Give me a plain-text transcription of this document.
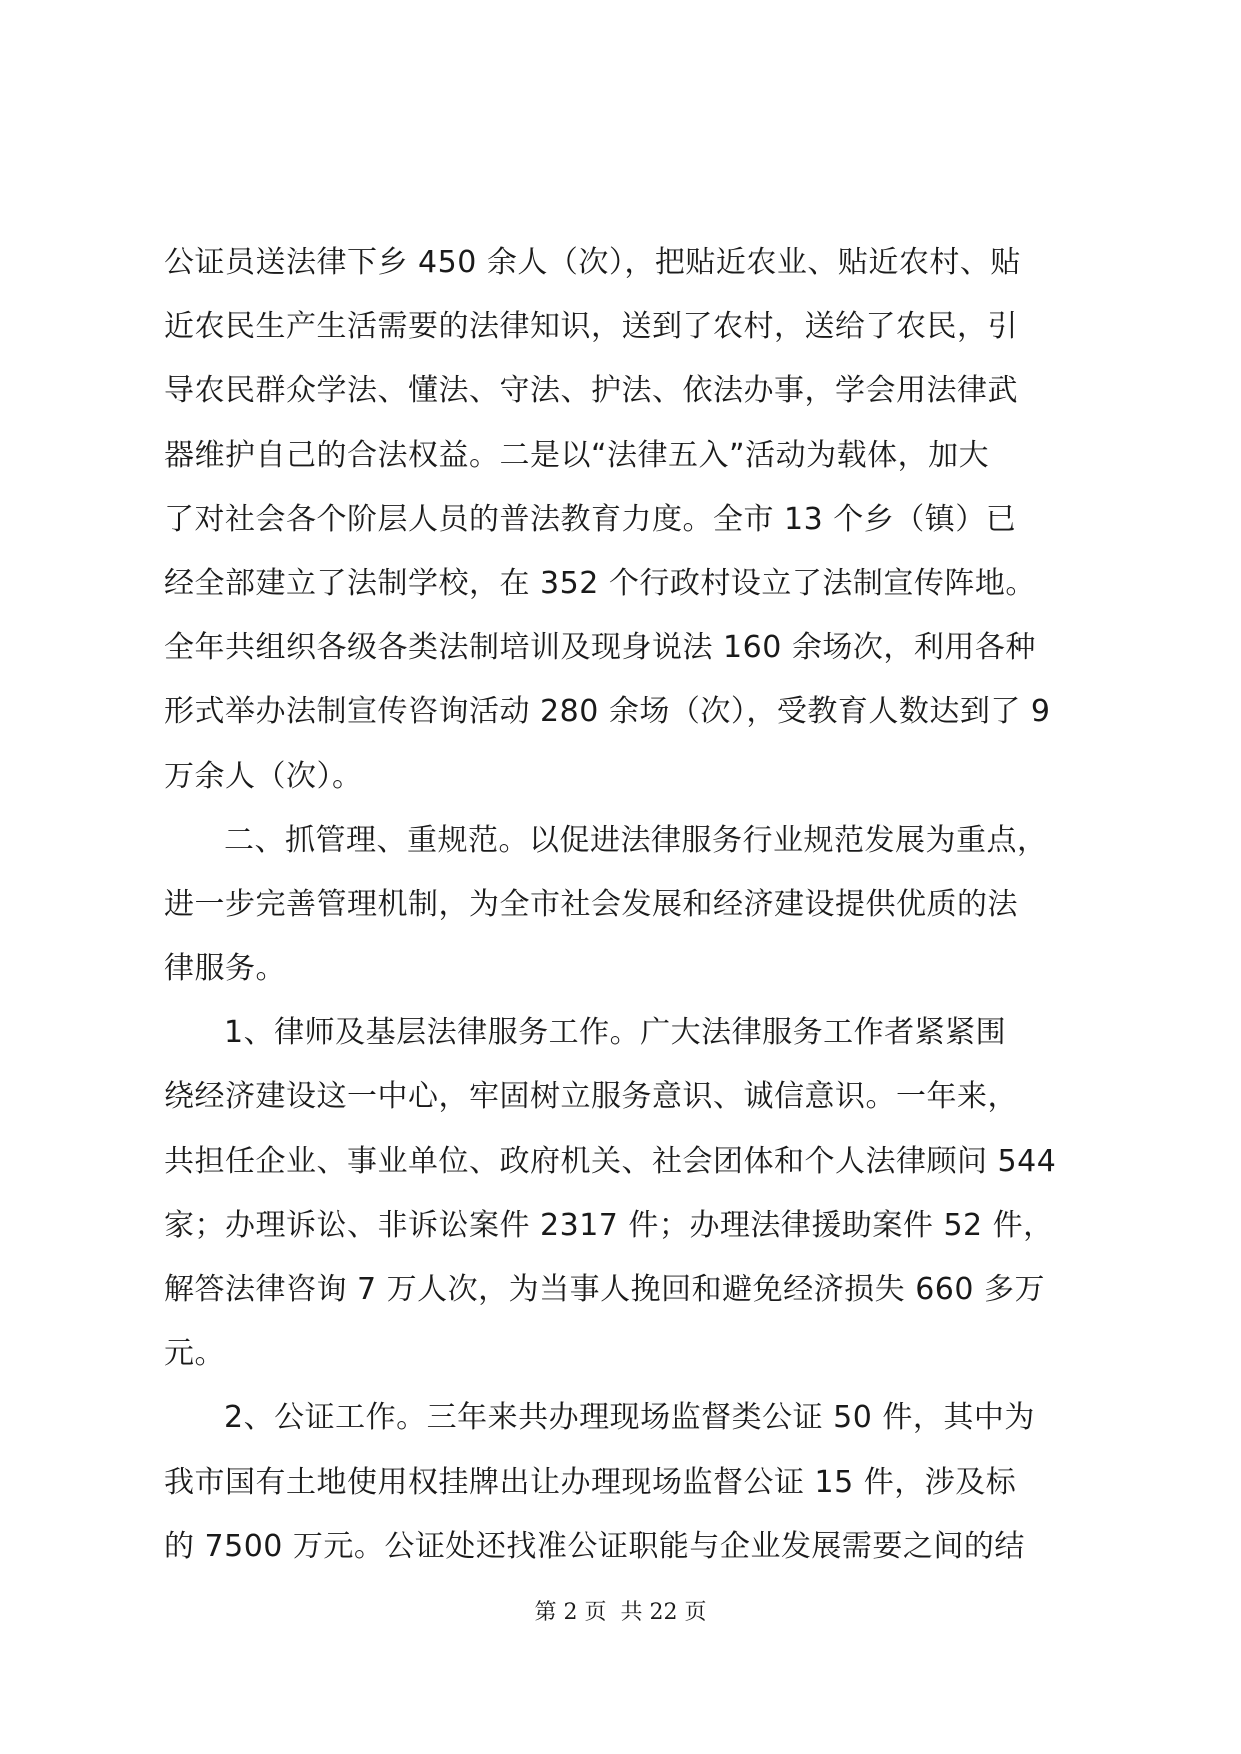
公证员送法律下乡 450 余人（次），把贴近农业、贴近农村、贴
近农民生产生活需要的法律知识，送到了农村，送给了农民，引
导农民群众学法、懂法、守法、护法、依法办事，学会用法律武
器维护自己的合法权益。二是以“法律五入”活动为载体，加大
了对社会各个阶层人员的普法教育力度。全市 13 个乡（镇）已
经全部建立了法制学校，在 352 个行政村设立了法制宣传阵地。
全年共组织各级各类法制培训及现身说法 160 余场次，利用各种
形式举办法制宣传咨询活动 280 余场（次），受教育人数达到了 9
万余人（次）。
二、抓管理、重规范。以促进法律服务行业规范发展为重点，
进一步完善管理机制，为全市社会发展和经济建设提供优质的法
律服务。
1、律师及基层法律服务工作。广大法律服务工作者紧紧围
绕经济建设这一中心，牢固树立服务意识、诚信意识。一年来，
共担任企业、事业单位、政府机关、社会团体和个人法律顾问 544
家；办理诉讼、非诉讼案件 2317 件；办理法律援助案件 52 件，
解答法律咨询 7 万人次，为当事人挽回和避免经济损失 660 多万
元。
2、公证工作。三年来共办理现场监督类公证 50 件，其中为
我市国有土地使用权挂牌出让办理现场监督公证 15 件，涉及标
的 7500 万元。公证处还找准公证职能与企业发展需要之间的结
第 2 页 共 22 页
